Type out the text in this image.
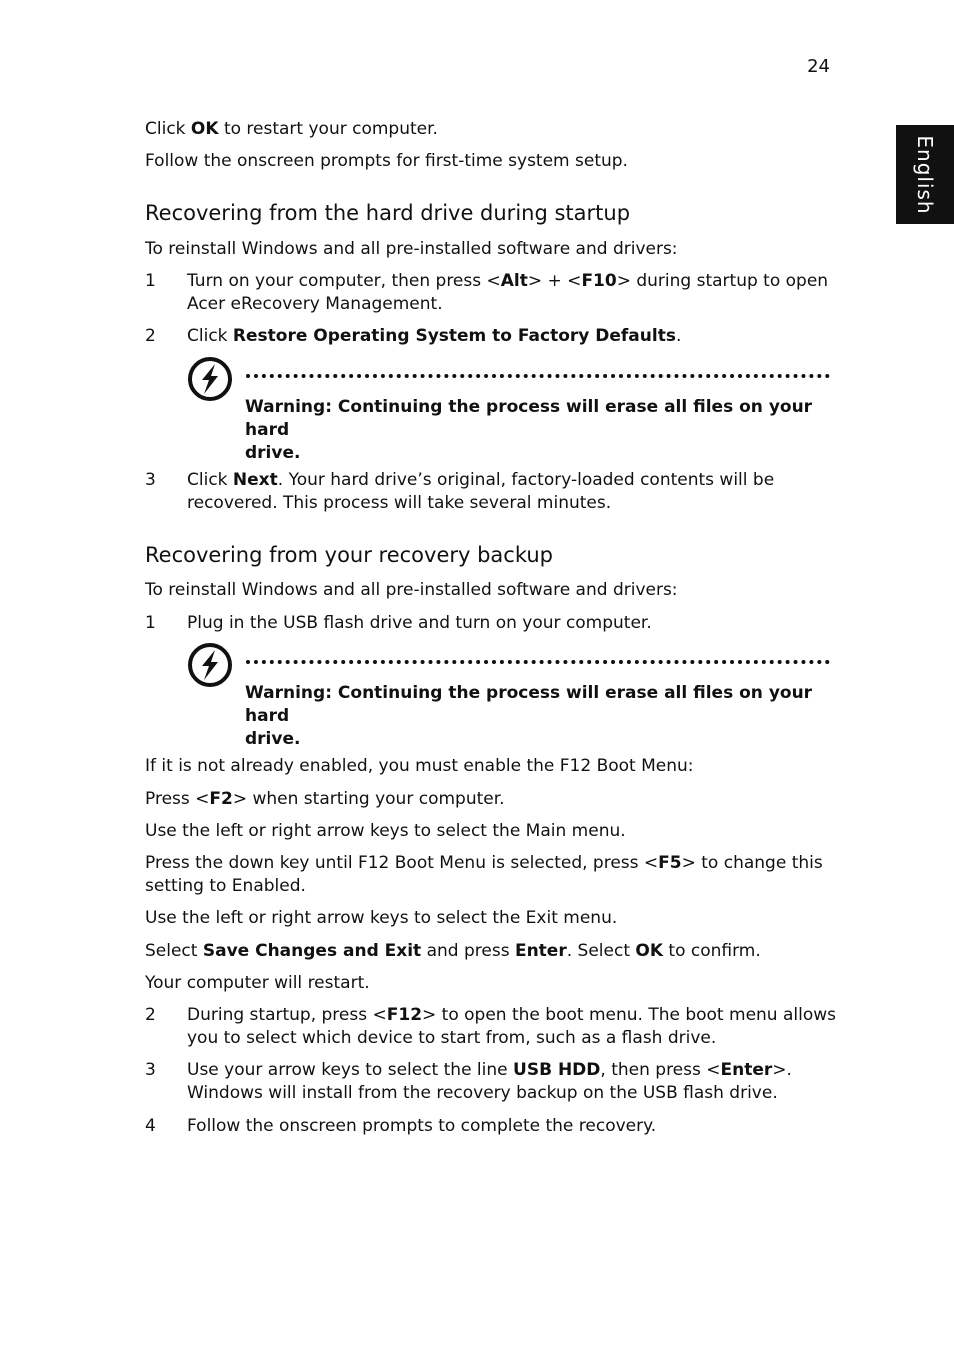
24
English
Click OK to restart your computer.
Follow the onscreen prompts for first-time system setup.
Recovering from the hard drive during startup
To reinstall Windows and all pre-installed software and drivers:
1 Turn on your computer, then press <Alt> + <F10> during startup to open
Acer eRecovery Management.
2 Click Restore Operating System to Factory Defaults.
Warning: Continuing the process will erase all files on your hard
drive.
3 Click Next. Your hard drive’s original, factory-loaded contents will be
recovered. This process will take several minutes.
Recovering from your recovery backup
To reinstall Windows and all pre-installed software and drivers:
1 Plug in the USB flash drive and turn on your computer.
Warning: Continuing the process will erase all files on your hard
drive.
If it is not already enabled, you must enable the F12 Boot Menu:
Press <F2> when starting your computer.
Use the left or right arrow keys to select the Main menu.
Press the down key until F12 Boot Menu is selected, press <F5> to change this
setting to Enabled.
Use the left or right arrow keys to select the Exit menu.
Select Save Changes and Exit and press Enter. Select OK to confirm.
Your computer will restart.
2 During startup, press <F12> to open the boot menu. The boot menu allows
you to select which device to start from, such as a flash drive.
3 Use your arrow keys to select the line USB HDD, then press <Enter>.
Windows will install from the recovery backup on the USB flash drive.
4 Follow the onscreen prompts to complete the recovery.
